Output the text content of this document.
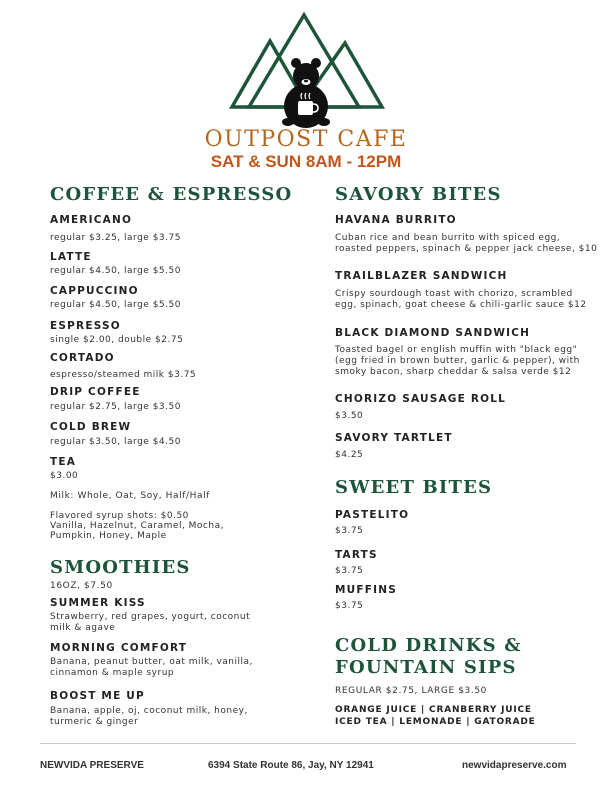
OUTPOST CAFE
SAT & SUN 8AM - 12PM
COFFEE & ESPRESSO
AMERICANO
regular $3.25, large $3.75
LATTE
regular $4.50, large $5.50
CAPPUCCINO
regular $4.50, large $5.50
ESPRESSO
single $2.00, double $2.75
CORTADO
espresso/steamed milk $3.75
DRIP COFFEE
regular $2.75, large $3.50
COLD BREW
regular $3.50, large $4.50
TEA
$3.00
Milk: Whole, Oat, Soy, Half/Half
Flavored syrup shots: $0.50
Vanilla, Hazelnut, Caramel, Mocha,
Pumpkin, Honey, Maple
SMOOTHIES
16OZ, $7.50
SUMMER KISS
Strawberry, red grapes, yogurt, coconut
milk & agave
MORNING COMFORT
Banana, peanut butter, oat milk, vanilla,
cinnamon & maple syrup
BOOST ME UP
Banana, apple, oj, coconut milk, honey,
turmeric & ginger
SAVORY BITES
HAVANA BURRITO
Cuban rice and bean burrito with spiced egg,
roasted peppers, spinach & pepper jack cheese, $10
TRAILBLAZER SANDWICH
Crispy sourdough toast with chorizo, scrambled
egg, spinach, goat cheese & chili-garlic sauce $12
BLACK DIAMOND SANDWICH
Toasted bagel or english muffin with "black egg"
(egg fried in brown butter, garlic & pepper), with
smoky bacon, sharp cheddar & salsa verde $12
CHORIZO SAUSAGE ROLL
$3.50
SAVORY TARTLET
$4.25
SWEET BITES
PASTELITO
$3.75
TARTS
$3.75
MUFFINS
$3.75
COLD DRINKS &
FOUNTAIN SIPS
REGULAR $2.75, LARGE $3.50
ORANGE JUICE | CRANBERRY JUICE
ICED TEA | LEMONADE | GATORADE
NEWVIDA PRESERVE	6394 State Route 86, Jay, NY 12941	newvidapreserve.com
